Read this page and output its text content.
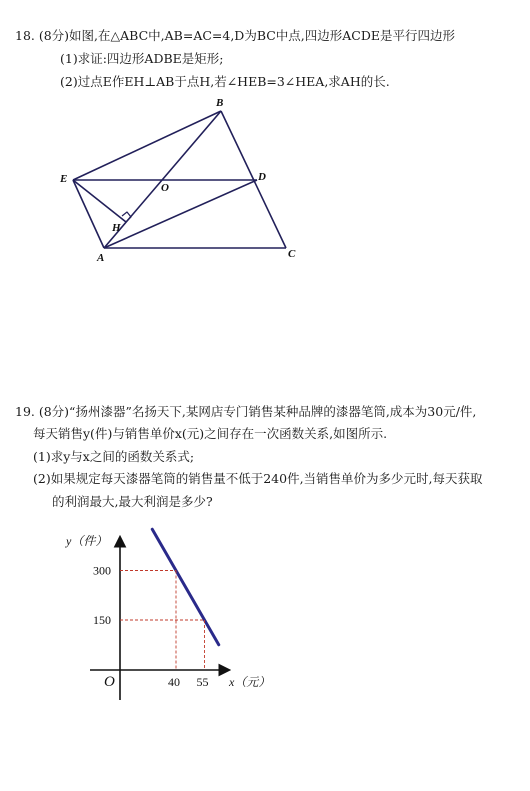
18. (8分)如图,在△ABC中,AB=AC=4,D为BC中点,四边形ACDE是平行四边形
(1)求证:四边形ADBE是矩形;
(2)过点E作EH⊥AB于点H,若∠HEB=3∠HEA,求AH的长.
B
E
O
D
H
A	C
19. (8分)“扬州漆器”名扬天下,某网店专门销售某种品牌的漆器笔筒,成本为30元/件,
每天销售y(件)与销售单价x(元)之间存在一次函数关系,如图所示.
(1)求y与x之间的函数关系式;
(2)如果规定每天漆器笔筒的销售量不低于240件,当销售单价为多少元时,每天获取
的利润最大,最大利润是多少?
40
300
55
150
O
y（件）
x（元）
